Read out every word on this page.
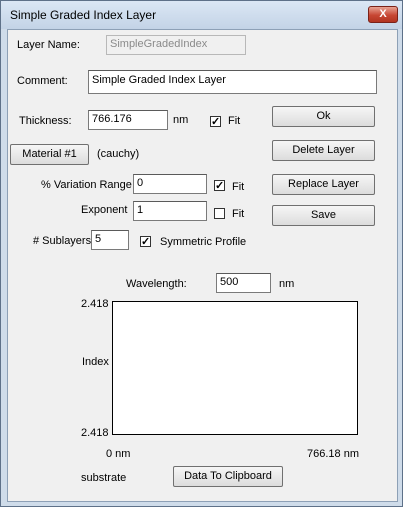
Simple Graded Index Layer	X
Layer Name:	SimpleGradedIndex
Comment:	Simple Graded Index Layer
Thickness:	766.176	nm ✓ Fit
Material #1	(cauchy)
Ok
Delete Layer
Replace Layer
Save
% Variation Range 0	✓ Fit
Exponent 1	Fit
# Sublayers 5	✓ Symmetric Profile
Wavelength:	500	nm
2.418
2.418
Index
0 nm	766.18 nm
substrate	Data To Clipboard
